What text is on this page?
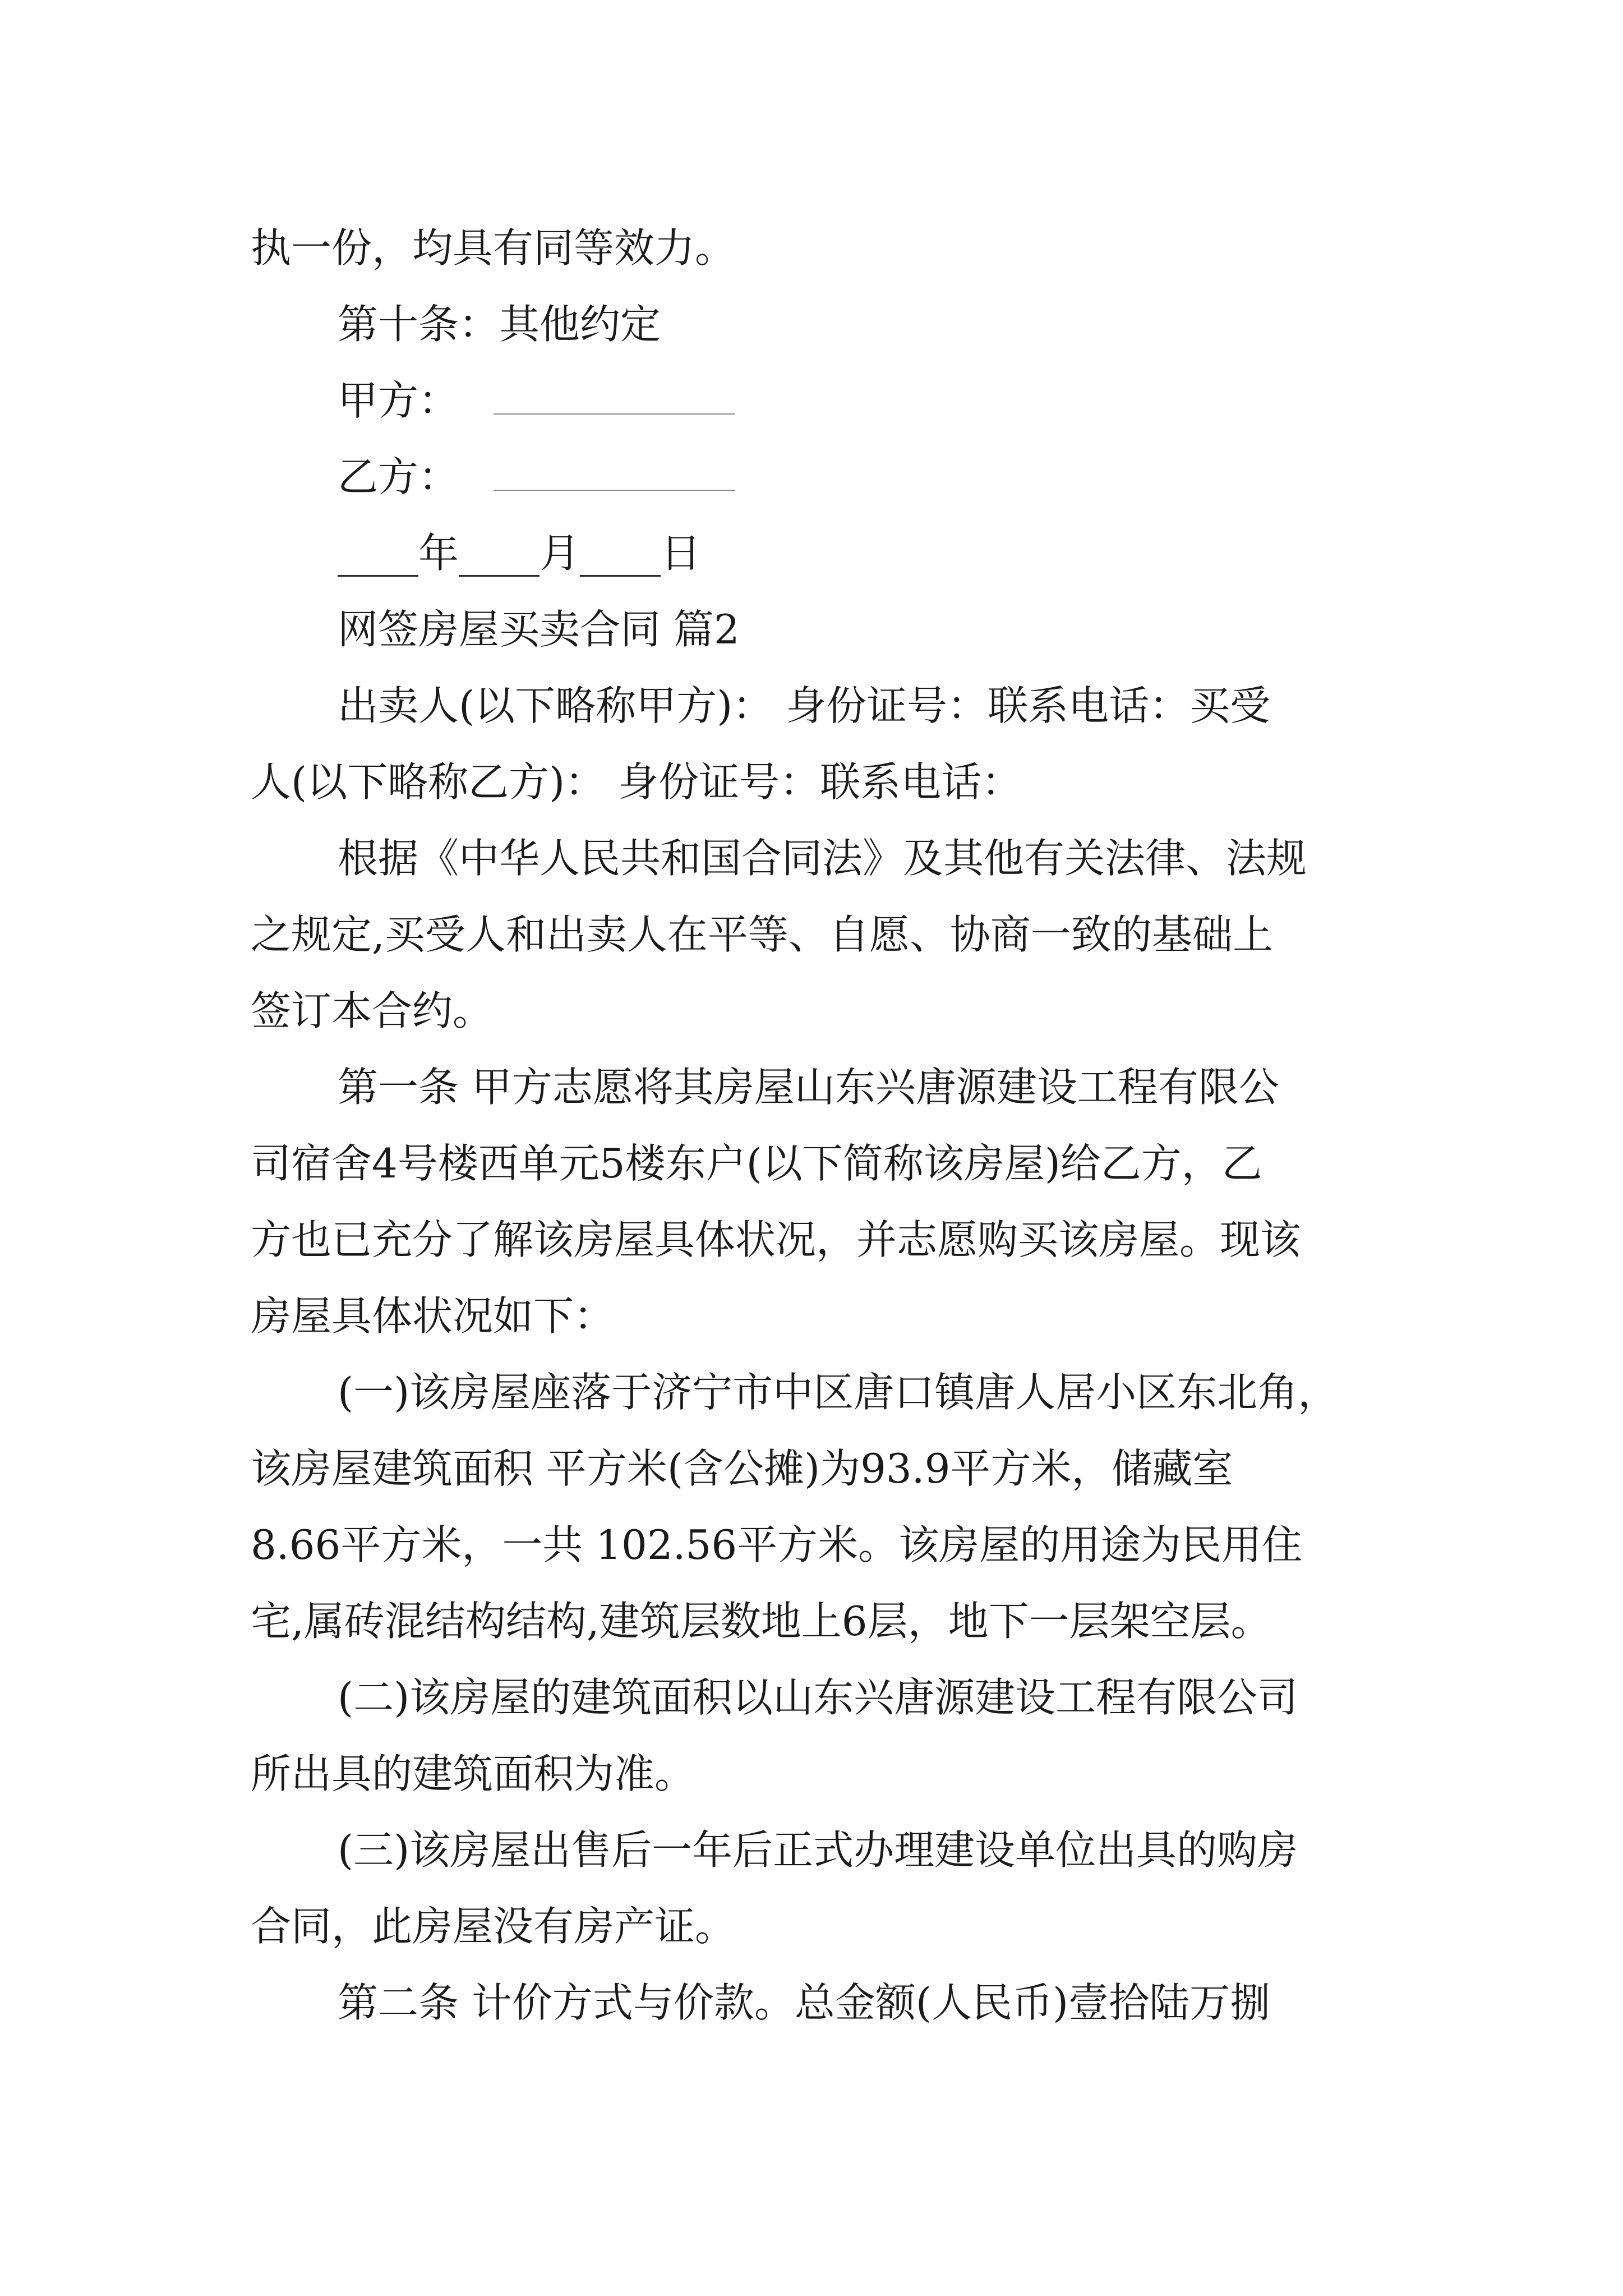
执一份，均具有同等效力。
第十条：其他约定
甲方：
乙方：
____年____月____日
网签房屋买卖合同 篇2
出卖人(以下略称甲方)： 身份证号：联系电话：买受
人(以下略称乙方)： 身份证号：联系电话：
根据《中华人民共和国合同法》及其他有关法律、法规
之规定,买受人和出卖人在平等、自愿、协商一致的基础上
签订本合约。
第一条 甲方志愿将其房屋山东兴唐源建设工程有限公
司宿舍4号楼西单元5楼东户(以下简称该房屋)给乙方，乙
方也已充分了解该房屋具体状况，并志愿购买该房屋。现该
房屋具体状况如下：
(一)该房屋座落于济宁市中区唐口镇唐人居小区东北角，
该房屋建筑面积 平方米(含公摊)为93.9平方米，储藏室
8.66平方米，一共 102.56平方米。该房屋的用途为民用住
宅,属砖混结构结构,建筑层数地上6层，地下一层架空层。
(二)该房屋的建筑面积以山东兴唐源建设工程有限公司
所出具的建筑面积为准。
(三)该房屋出售后一年后正式办理建设单位出具的购房
合同，此房屋没有房产证。
第二条 计价方式与价款。总金额(人民币)壹拾陆万捌
